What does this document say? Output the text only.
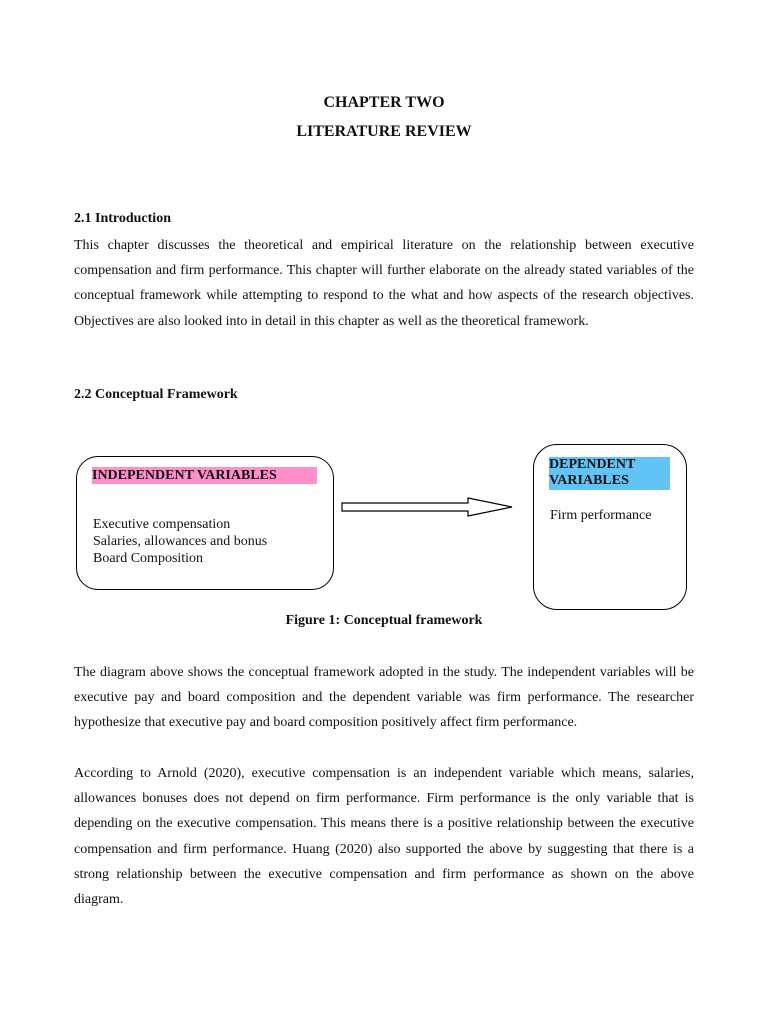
CHAPTER TWO
LITERATURE REVIEW
2.1 Introduction

This chapter discusses the theoretical and empirical literature on the relationship between executive compensation and firm performance. This chapter will further elaborate on the already stated variables of the conceptual framework while attempting to respond to the what and how aspects of the research objectives. Objectives are also looked into in detail in this chapter as well as the theoretical framework.

2.2 Conceptual Framework
INDEPENDENT VARIABLES
Executive compensation
Salaries, allowances and bonus
Board Composition
DEPENDENT
VARIABLES
Firm performance
Figure 1: Conceptual framework

The diagram above shows the conceptual framework adopted in the study. The independent variables will be executive pay and board composition and the dependent variable was firm performance. The researcher hypothesize that executive pay and board composition positively affect firm performance.

According to Arnold (2020), executive compensation is an independent variable which means, salaries, allowances bonuses does not depend on firm performance. Firm performance is the only variable that is depending on the executive compensation. This means there is a positive relationship between the executive compensation and firm performance. Huang (2020) also supported the above by suggesting that there is a strong relationship between the executive compensation and firm performance as shown on the above diagram.
